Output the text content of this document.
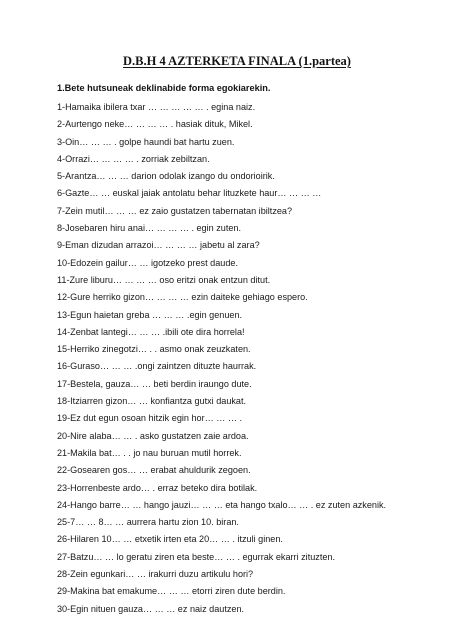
D.B.H 4 AZTERKETA FINALA (1.partea)
1.Bete hutsuneak deklinabide forma egokiarekin.
1-Hamaika ibilera txar … … … … … . egina naiz.
2-Aurtengo neke… … … … . hasiak dituk, Mikel.
3-Oin… … … . golpe haundi bat hartu zuen.
4-Orrazi… … … … . zorriak zebiltzan.
5-Arantza… … … darion odolak izango du ondorioirik.
6-Gazte… … euskal jaiak antolatu behar lituzkete haur… … … …
7-Zein mutil… … … ez zaio gustatzen tabernatan ibiltzea?
8-Josebaren hiru anai… … … … . egin zuten.
9-Eman dizudan arrazoi… … … … jabetu al zara?
10-Edozein gailur… … igotzeko prest daude.
11-Zure liburu… … … … oso eritzi onak entzun ditut.
12-Gure herriko gizon… … … … ezin daiteke gehiago espero.
13-Egun haietan greba … … … .egin genuen.
14-Zenbat lantegi… … … .ibili ote dira horrela!
15-Herriko zinegotzi… . . asmo onak zeuzkaten.
16-Guraso… … … .ongi zaintzen dituzte haurrak.
17-Bestela, gauza… … beti berdin iraungo dute.
18-Itziarren gizon… … konfiantza gutxi daukat.
19-Ez dut egun osoan hitzik egin hor… … … .
20-Nire alaba… … . asko gustatzen zaie ardoa.
21-Makila bat… . . jo nau buruan mutil horrek.
22-Gosearen gos… … erabat ahuldurik zegoen.
23-Horrenbeste ardo… . erraz beteko dira botilak.
24-Hango barre… … hango jauzi… … … eta hango txalo… … . ez zuten azkenik.
25-7… … 8… … aurrera hartu zion 10. biran.
26-Hilaren 10… … etxetik irten eta 20… … . itzuli ginen.
27-Batzu… … lo geratu ziren eta beste… … . egurrak ekarri zituzten.
28-Zein egunkari… … irakurri duzu artikulu hori?
29-Makina bat emakume… … … etorri ziren dute berdin.
30-Egin nituen gauza… … … ez naiz dautzen.
